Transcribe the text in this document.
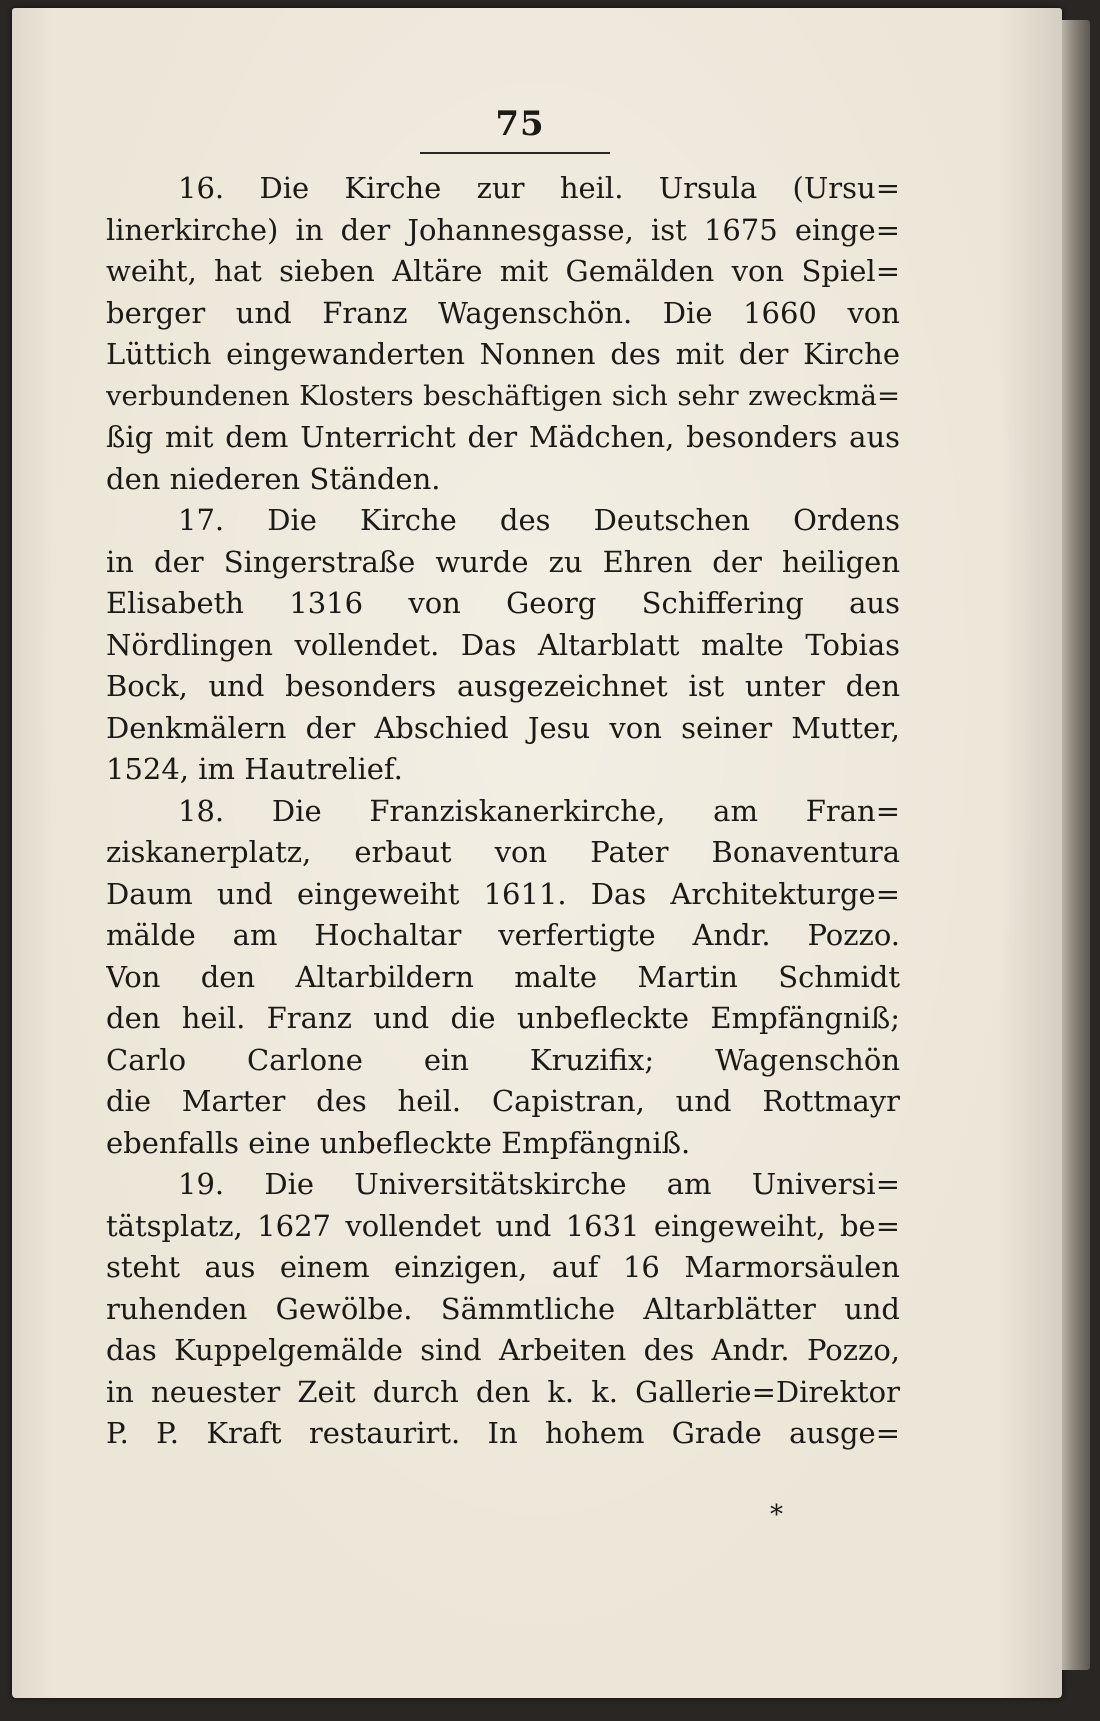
75
16. Die Kirche zur heil. Ursula (Ursu=
linerkirche) in der Johannesgasse, ist 1675 einge=
weiht, hat sieben Altäre mit Gemälden von Spiel=
berger und Franz Wagenschön. Die 1660 von
Lüttich eingewanderten Nonnen des mit der Kirche
verbundenen Klosters beschäftigen sich sehr zweckmä=
ßig mit dem Unterricht der Mädchen, besonders aus
den niederen Ständen.
17. Die Kirche des Deutschen Ordens
in der Singerstraße wurde zu Ehren der heiligen
Elisabeth 1316 von Georg Schiffering aus
Nördlingen vollendet. Das Altarblatt malte Tobias
Bock, und besonders ausgezeichnet ist unter den
Denkmälern der Abschied Jesu von seiner Mutter,
1524, im Hautrelief.
18. Die Franziskanerkirche, am Fran=
ziskanerplatz, erbaut von Pater Bonaventura
Daum und eingeweiht 1611. Das Architekturge=
mälde am Hochaltar verfertigte Andr. Pozzo.
Von den Altarbildern malte Martin Schmidt
den heil. Franz und die unbefleckte Empfängniß;
Carlo Carlone ein Kruzifix; Wagenschön
die Marter des heil. Capistran, und Rottmayr
ebenfalls eine unbefleckte Empfängniß.
19. Die Universitätskirche am Universi=
tätsplatz, 1627 vollendet und 1631 eingeweiht, be=
steht aus einem einzigen, auf 16 Marmorsäulen
ruhenden Gewölbe. Sämmtliche Altarblätter und
das Kuppelgemälde sind Arbeiten des Andr. Pozzo,
in neuester Zeit durch den k. k. Gallerie=Direktor
P. P. Kraft restaurirt. In hohem Grade ausge=
*
